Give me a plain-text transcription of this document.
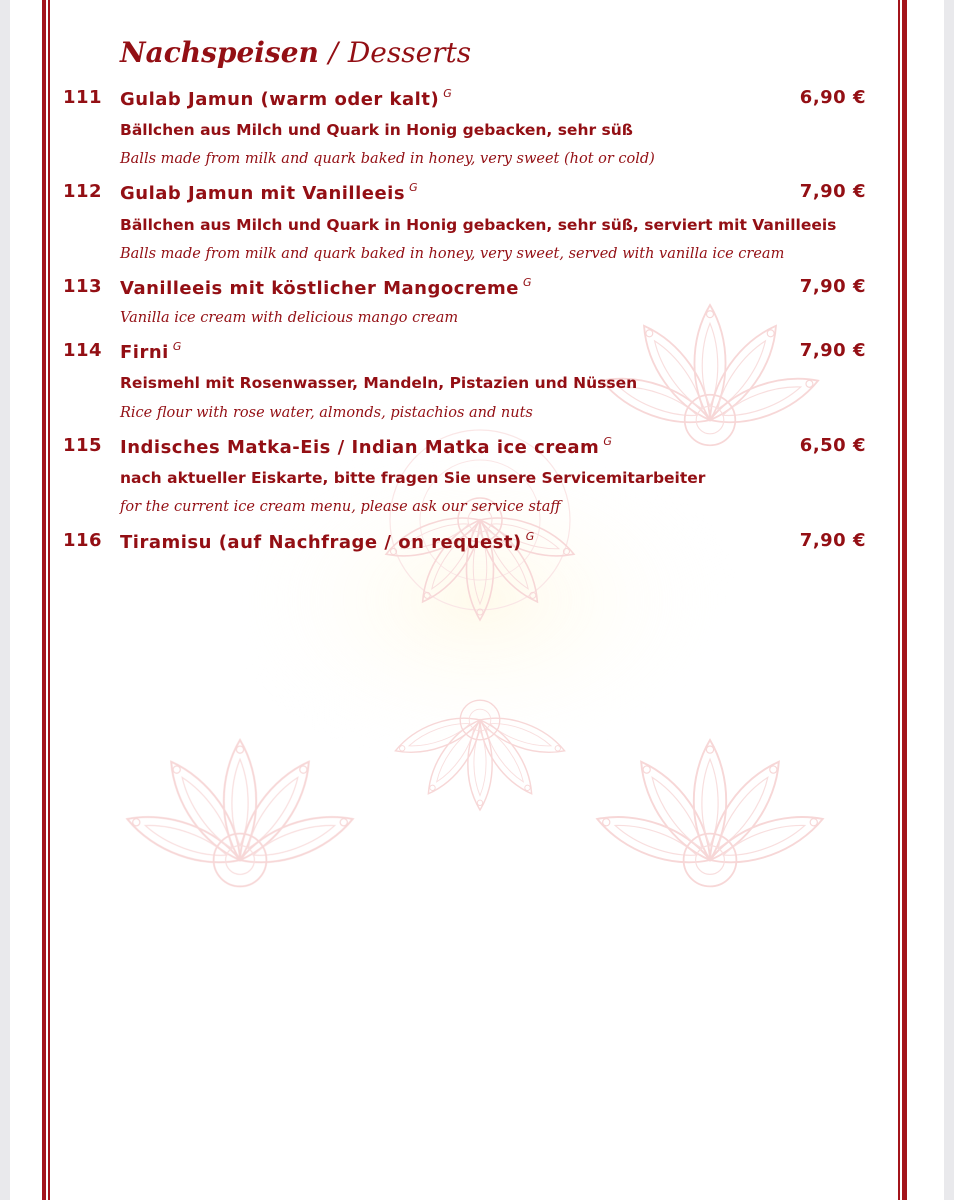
Nachspeisen / Desserts
111 Gulab Jamun (warm oder kalt) $^G$	6,90 €
Bällchen aus Milch und Quark in Honig gebacken, sehr süß
Balls made from milk and quark baked in honey, very sweet (hot or cold)
112 Gulab Jamun mit Vanilleeis $^G$	7,90 €
Bällchen aus Milch und Quark in Honig gebacken, sehr süß, serviert mit Vanilleeis
Balls made from milk and quark baked in honey, very sweet, served with vanilla ice cream
113 Vanilleeis mit köstlicher Mangocreme $^G$	7,90 €
Vanilla ice cream with delicious mango cream
114 Firni $^G$	7,90 €
Reismehl mit Rosenwasser, Mandeln, Pistazien und Nüssen
Rice flour with rose water, almonds, pistachios and nuts
115 Indisches Matka-Eis / Indian Matka ice cream $^G$	6,50 €
nach aktueller Eiskarte, bitte fragen Sie unsere Servicemitarbeiter
for the current ice cream menu, please ask our service staff
116 Tiramisu (auf Nachfrage / on request) $^G$	7,90 €
